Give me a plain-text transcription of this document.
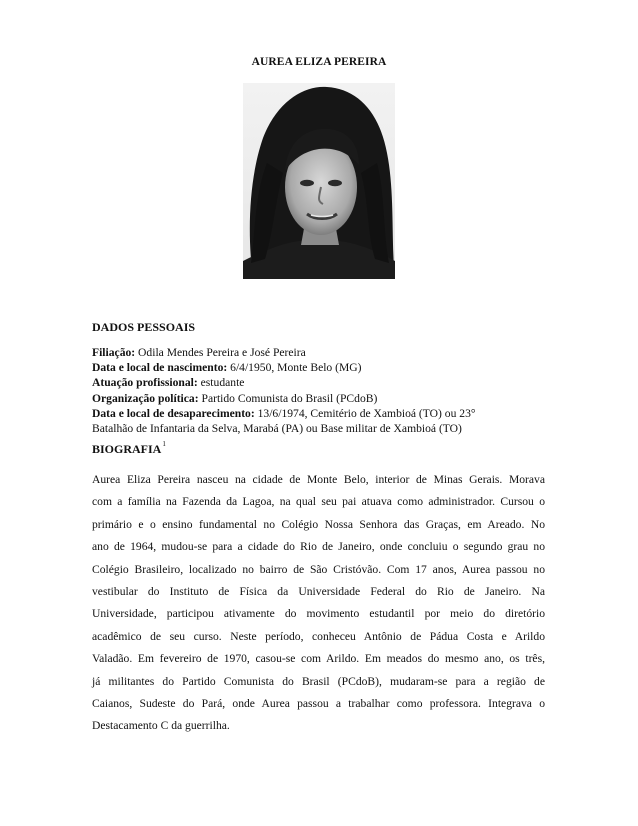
AUREA ELIZA PEREIRA
DADOS PESSOAIS
Filiação: Odila Mendes Pereira e José Pereira
Data e local de nascimento: 6/4/1950, Monte Belo (MG)
Atuação profissional: estudante
Organização política: Partido Comunista do Brasil (PCdoB)
Data e local de desaparecimento: 13/6/1974, Cemitério de Xambioá (TO) ou 23°
Batalhão de Infantaria da Selva, Marabá (PA) ou Base militar de Xambioá (TO)
BIOGRAFIA$^1$
Aurea Eliza Pereira nasceu na cidade de Monte Belo, interior de Minas Gerais. Morava
com a família na Fazenda da Lagoa, na qual seu pai atuava como administrador. Cursou o
primário e o ensino fundamental no Colégio Nossa Senhora das Graças, em Areado. No
ano de 1964, mudou-se para a cidade do Rio de Janeiro, onde concluiu o segundo grau no
Colégio Brasileiro, localizado no bairro de São Cristóvão. Com 17 anos, Aurea passou no
vestibular do Instituto de Física da Universidade Federal do Rio de Janeiro. Na
Universidade, participou ativamente do movimento estudantil por meio do diretório
acadêmico de seu curso. Neste período, conheceu Antônio de Pádua Costa e Arildo
Valadão. Em fevereiro de 1970, casou-se com Arildo. Em meados do mesmo ano, os três,
já militantes do Partido Comunista do Brasil (PCdoB), mudaram-se para a região de
Caianos, Sudeste do Pará, onde Aurea passou a trabalhar como professora. Integrava o
Destacamento C da guerrilha.
